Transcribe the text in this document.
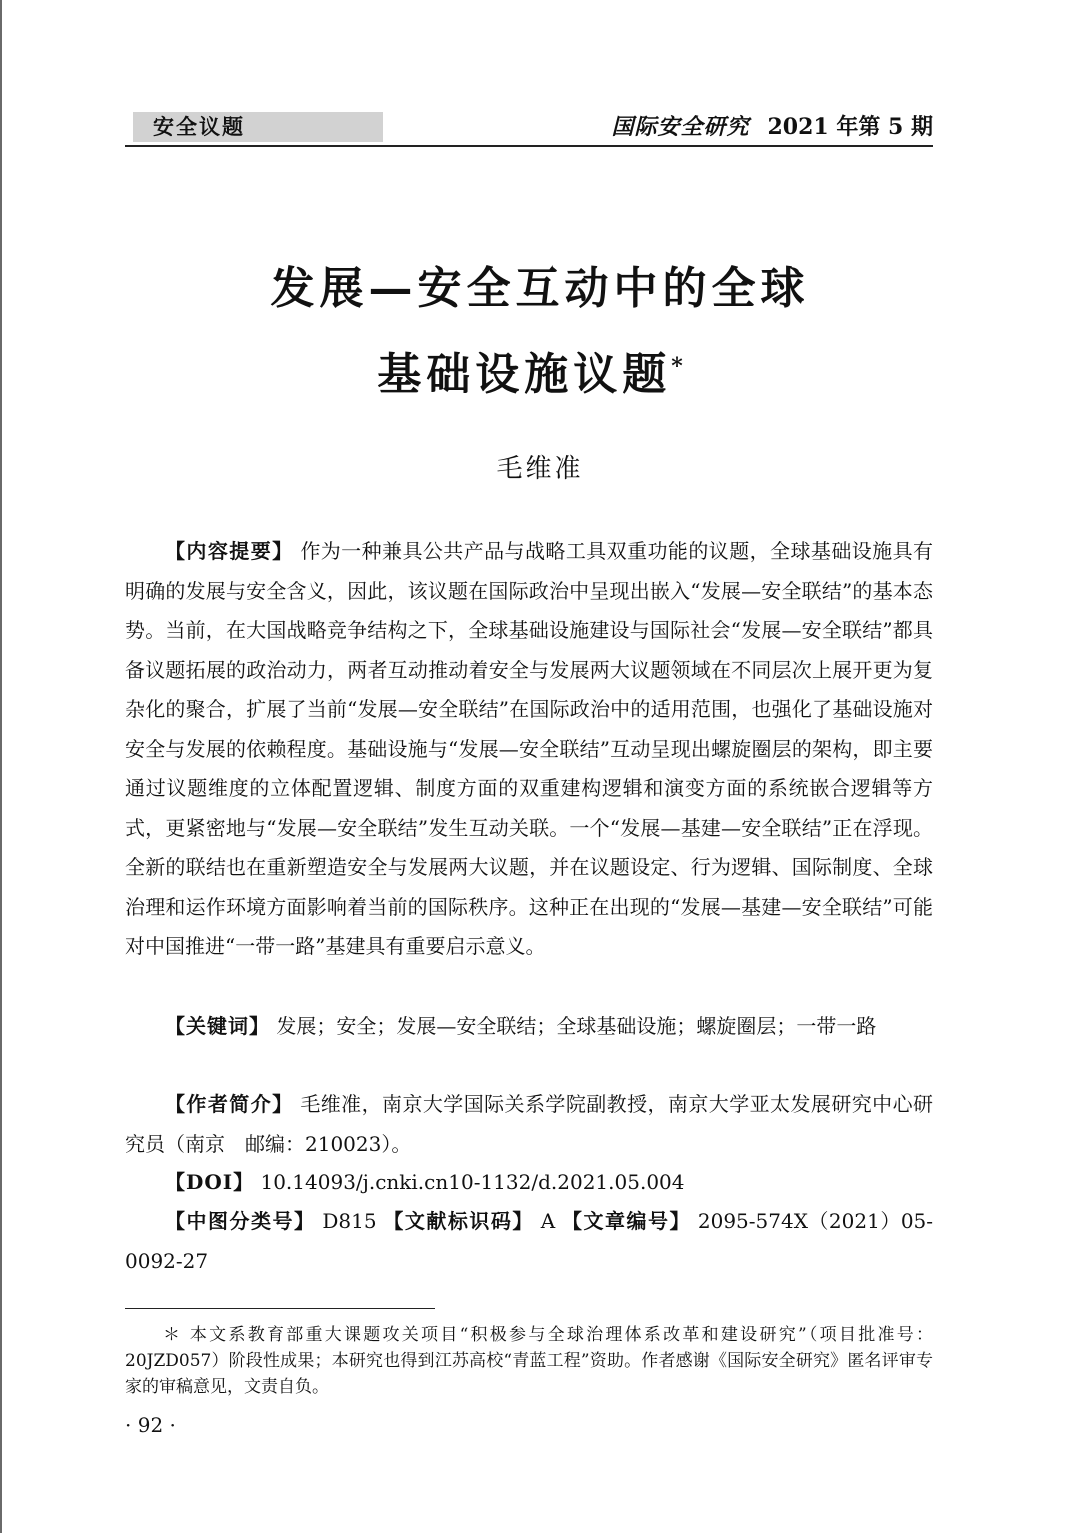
安全议题	国际安全研究 2021 年第 5 期
发展—安全互动中的全球
基础设施议题*
毛维准

【内容提要】 作为一种兼具公共产品与战略工具双重功能的议题，全球基础设施具有明确的发展与安全含义，因此，该议题在国际政治中呈现出嵌入“发展—安全联结”的基本态势。当前，在大国战略竞争结构之下，全球基础设施建设与国际社会“发展—安全联结”都具备议题拓展的政治动力，两者互动推动着安全与发展两大议题领域在不同层次上展开更为复杂化的聚合，扩展了当前“发展—安全联结”在国际政治中的适用范围，也强化了基础设施对安全与发展的依赖程度。基础设施与“发展—安全联结”互动呈现出螺旋圈层的架构，即主要通过议题维度的立体配置逻辑、制度方面的双重建构逻辑和演变方面的系统嵌合逻辑等方式，更紧密地与“发展—安全联结”发生互动关联。一个“发展—基建—安全联结”正在浮现。全新的联结也在重新塑造安全与发展两大议题，并在议题设定、行为逻辑、国际制度、全球治理和运作环境方面影响着当前的国际秩序。这种正在出现的“发展—基建—安全联结”可能对中国推进“一带一路”基建具有重要启示意义。

【关键词】 发展；安全；发展—安全联结；全球基础设施；螺旋圈层；一带一路

【作者简介】 毛维准，南京大学国际关系学院副教授，南京大学亚太发展研究中心研究员（南京　邮编：210023）。

【DOI】 10.14093/j.cnki.cn10-1132/d.2021.05.004

【中图分类号】 D815 【文献标识码】 A 【文章编号】 2095-574X（2021）05-0092-27

＊ 本文系教育部重大课题攻关项目“积极参与全球治理体系改革和建设研究”（项目批准号：20JZD057）阶段性成果；本研究也得到江苏高校“青蓝工程”资助。作者感谢《国际安全研究》匿名评审专家的审稿意见，文责自负。

· 92 ·
